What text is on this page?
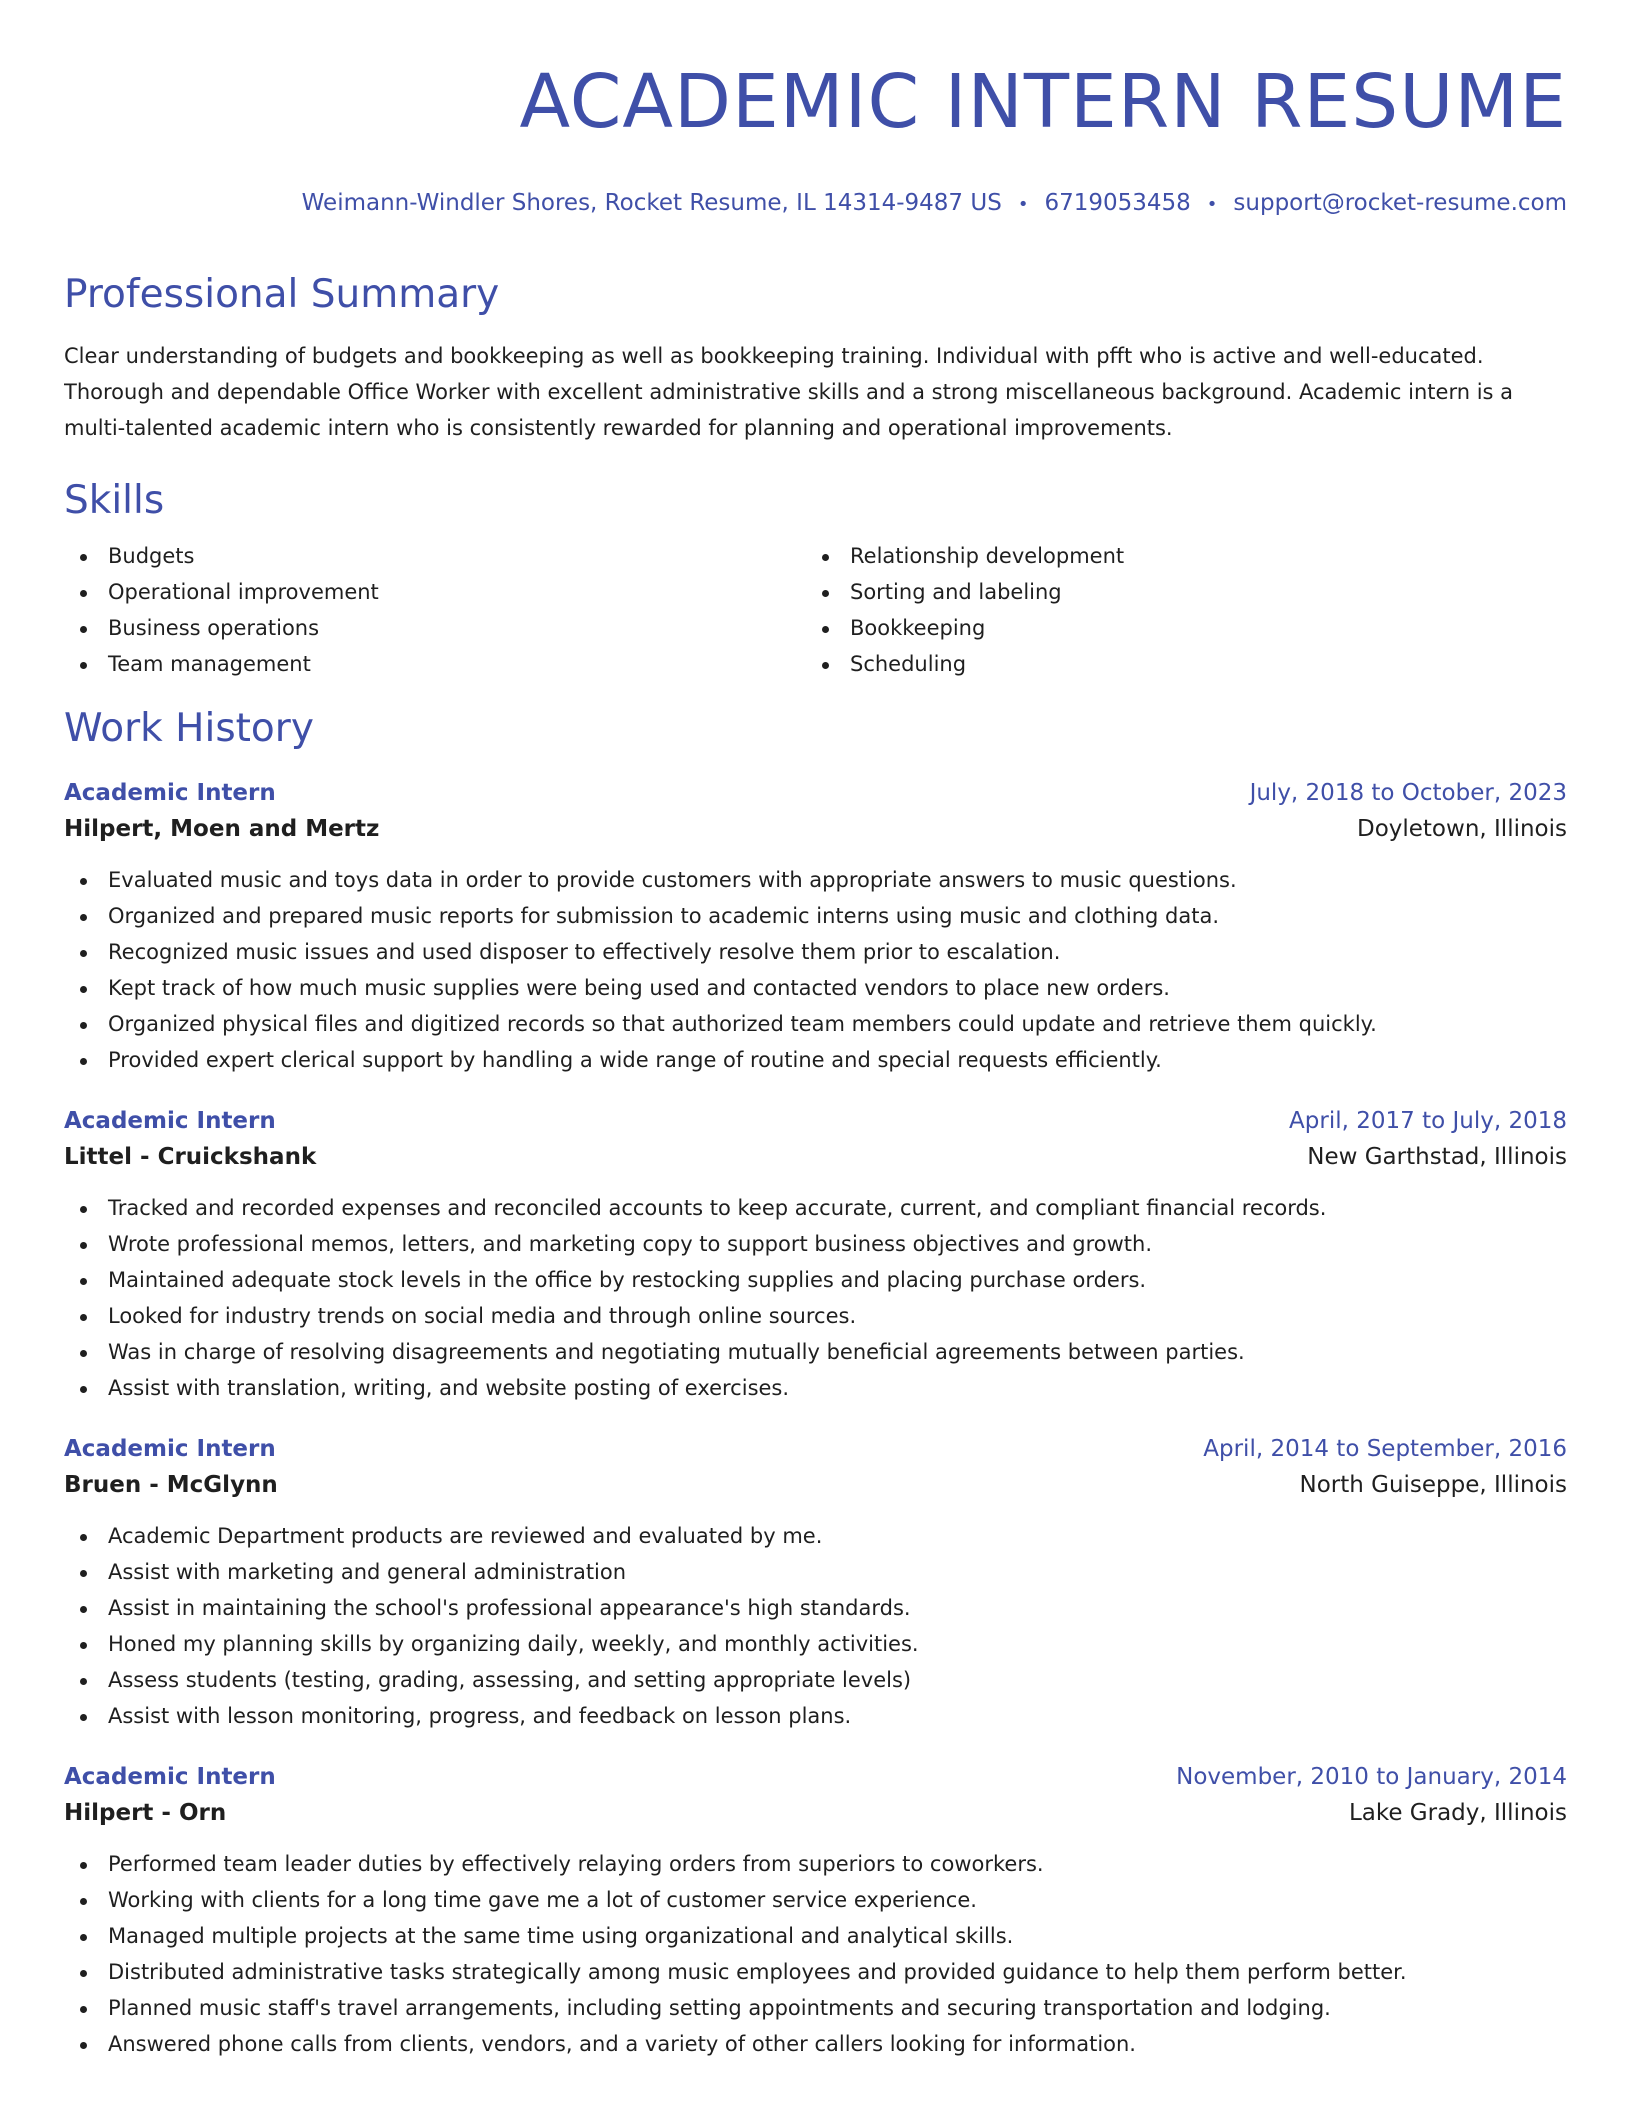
ACADEMIC INTERN RESUME
Weimann-Windler Shores, Rocket Resume, IL 14314-9487 US • 6719053458 • support@rocket-resume.com
Professional Summary

Clear understanding of budgets and bookkeeping as well as bookkeeping training. Individual with pfft who is active and well-educated. Thorough and dependable Office Worker with excellent administrative skills and a strong miscellaneous background. Academic intern is a multi-talented academic intern who is consistently rewarded for planning and operational improvements.

Skills
Budgets
Operational improvement
Business operations
Team management
Relationship development
Sorting and labeling
Bookkeeping
Scheduling
Work History
Academic Intern	July, 2018 to October, 2023
Hilpert, Moen and Mertz	Doyletown, Illinois
Evaluated music and toys data in order to provide customers with appropriate answers to music questions.
Organized and prepared music reports for submission to academic interns using music and clothing data.
Recognized music issues and used disposer to effectively resolve them prior to escalation.
Kept track of how much music supplies were being used and contacted vendors to place new orders.
Organized physical files and digitized records so that authorized team members could update and retrieve them quickly.
Provided expert clerical support by handling a wide range of routine and special requests efficiently.
Academic Intern	April, 2017 to July, 2018
Littel - Cruickshank	New Garthstad, Illinois
Tracked and recorded expenses and reconciled accounts to keep accurate, current, and compliant financial records.
Wrote professional memos, letters, and marketing copy to support business objectives and growth.
Maintained adequate stock levels in the office by restocking supplies and placing purchase orders.
Looked for industry trends on social media and through online sources.
Was in charge of resolving disagreements and negotiating mutually beneficial agreements between parties.
Assist with translation, writing, and website posting of exercises.
Academic Intern	April, 2014 to September, 2016
Bruen - McGlynn	North Guiseppe, Illinois
Academic Department products are reviewed and evaluated by me.
Assist with marketing and general administration
Assist in maintaining the school's professional appearance's high standards.
Honed my planning skills by organizing daily, weekly, and monthly activities.
Assess students (testing, grading, assessing, and setting appropriate levels)
Assist with lesson monitoring, progress, and feedback on lesson plans.
Academic Intern	November, 2010 to January, 2014
Hilpert - Orn	Lake Grady, Illinois
Performed team leader duties by effectively relaying orders from superiors to coworkers.
Working with clients for a long time gave me a lot of customer service experience.
Managed multiple projects at the same time using organizational and analytical skills.
Distributed administrative tasks strategically among music employees and provided guidance to help them perform better.
Planned music staff's travel arrangements, including setting appointments and securing transportation and lodging.
Answered phone calls from clients, vendors, and a variety of other callers looking for information.
